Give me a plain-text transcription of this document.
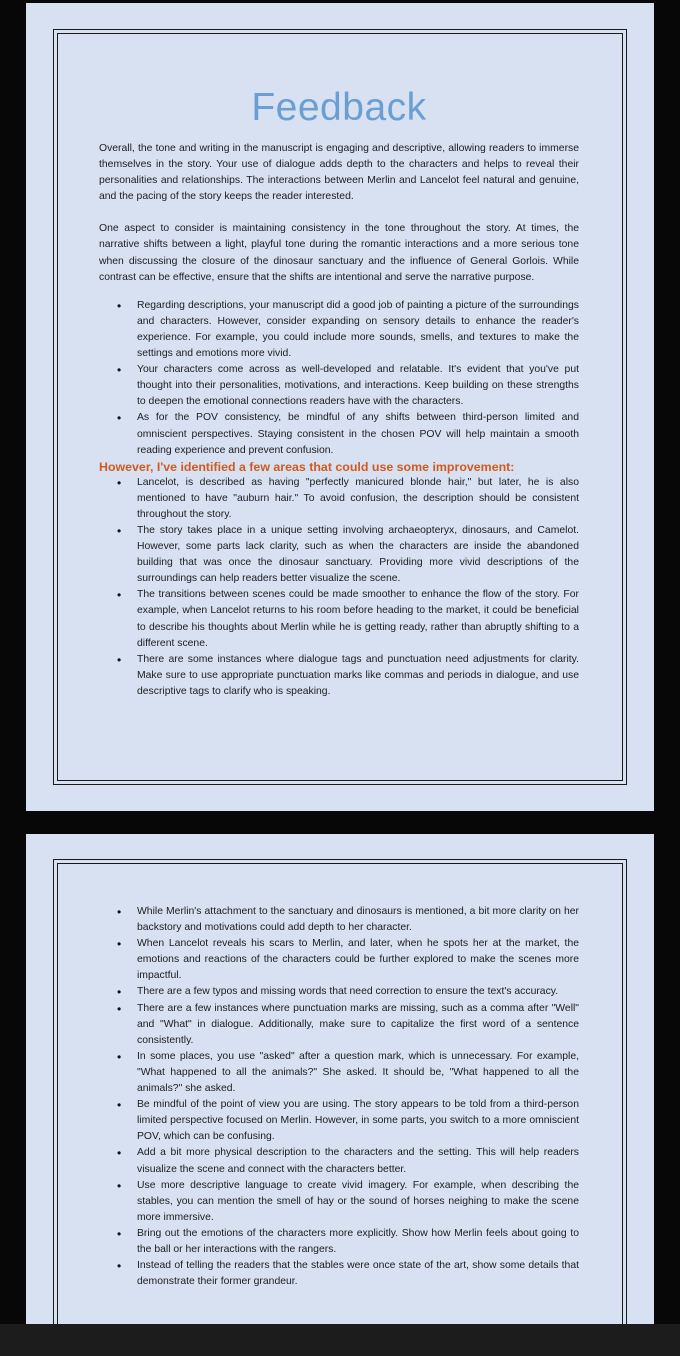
Feedback

Overall, the tone and writing in the manuscript is engaging and descriptive, allowing readers to immerse themselves in the story. Your use of dialogue adds depth to the characters and helps to reveal their personalities and relationships. The interactions between Merlin and Lancelot feel natural and genuine, and the pacing of the story keeps the reader interested.

One aspect to consider is maintaining consistency in the tone throughout the story. At times, the narrative shifts between a light, playful tone during the romantic interactions and a more serious tone when discussing the closure of the dinosaur sanctuary and the influence of General Gorlois. While contrast can be effective, ensure that the shifts are intentional and serve the narrative purpose.

• Regarding descriptions, your manuscript did a good job of painting a picture of the surroundings and characters. However, consider expanding on sensory details to enhance the reader's experience. For example, you could include more sounds, smells, and textures to make the settings and emotions more vivid.
• Your characters come across as well-developed and relatable. It's evident that you've put thought into their personalities, motivations, and interactions. Keep building on these strengths to deepen the emotional connections readers have with the characters.
• As for the POV consistency, be mindful of any shifts between third-person limited and omniscient perspectives. Staying consistent in the chosen POV will help maintain a smooth reading experience and prevent confusion.
However, I've identified a few areas that could use some improvement:
• Lancelot, is described as having "perfectly manicured blonde hair," but later, he is also mentioned to have "auburn hair." To avoid confusion, the description should be consistent throughout the story.
• The story takes place in a unique setting involving archaeopteryx, dinosaurs, and Camelot. However, some parts lack clarity, such as when the characters are inside the abandoned building that was once the dinosaur sanctuary. Providing more vivid descriptions of the surroundings can help readers better visualize the scene.
• The transitions between scenes could be made smoother to enhance the flow of the story. For example, when Lancelot returns to his room before heading to the market, it could be beneficial to describe his thoughts about Merlin while he is getting ready, rather than abruptly shifting to a different scene.
• There are some instances where dialogue tags and punctuation need adjustments for clarity. Make sure to use appropriate punctuation marks like commas and periods in dialogue, and use descriptive tags to clarify who is speaking.
• While Merlin's attachment to the sanctuary and dinosaurs is mentioned, a bit more clarity on her backstory and motivations could add depth to her character.
• When Lancelot reveals his scars to Merlin, and later, when he spots her at the market, the emotions and reactions of the characters could be further explored to make the scenes more impactful.
• There are a few typos and missing words that need correction to ensure the text's accuracy.
• There are a few instances where punctuation marks are missing, such as a comma after "Well" and "What" in dialogue. Additionally, make sure to capitalize the first word of a sentence consistently.
• In some places, you use "asked" after a question mark, which is unnecessary. For example, "What happened to all the animals?" She asked. It should be, "What happened to all the animals?" she asked.
• Be mindful of the point of view you are using. The story appears to be told from a third-person limited perspective focused on Merlin. However, in some parts, you switch to a more omniscient POV, which can be confusing.
• Add a bit more physical description to the characters and the setting. This will help readers visualize the scene and connect with the characters better.
• Use more descriptive language to create vivid imagery. For example, when describing the stables, you can mention the smell of hay or the sound of horses neighing to make the scene more immersive.
• Bring out the emotions of the characters more explicitly. Show how Merlin feels about going to the ball or her interactions with the rangers.
• Instead of telling the readers that the stables were once state of the art, show some details that demonstrate their former grandeur.
